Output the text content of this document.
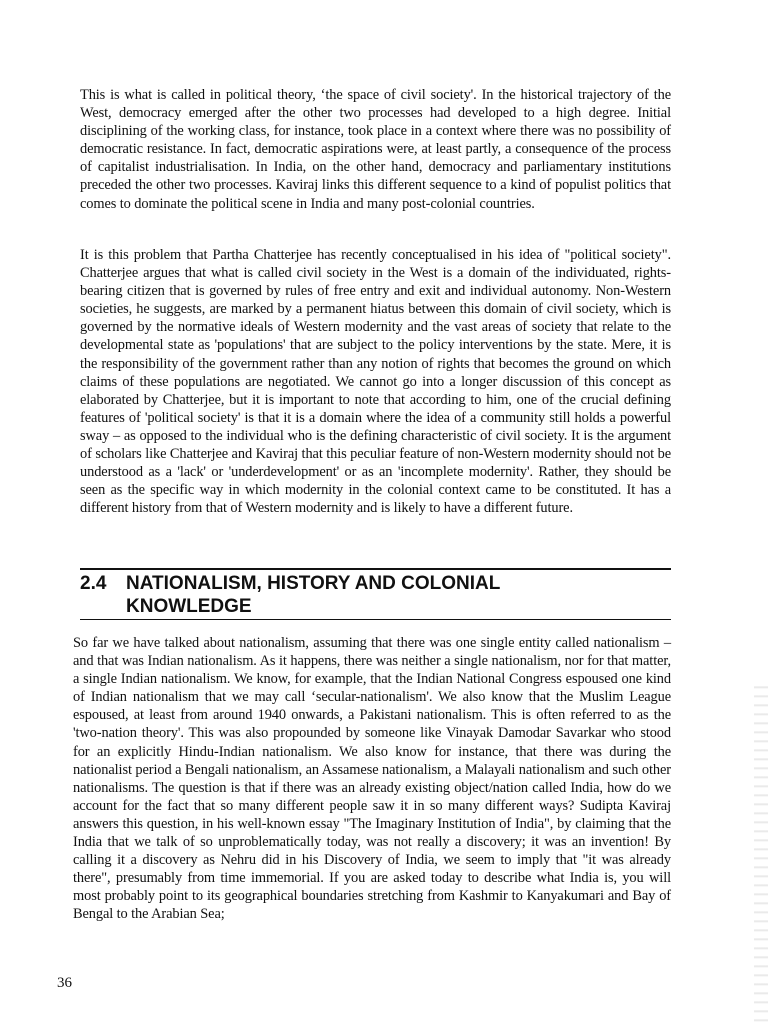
This is what is called in political theory, ‘the space of civil society'. In the historical trajectory of the West, democracy emerged after the other two processes had developed to a high degree. Initial disciplining of the working class, for instance, took place in a context where there was no possibility of democratic resistance. In fact, democratic aspirations were, at least partly, a consequence of the process of capitalist industrialisation. In India, on the other hand, democracy and parliamentary institutions preceded the other two processes. Kaviraj links this different sequence to a kind of populist politics that comes to dominate the political scene in India and many post-colonial countries.

It is this problem that Partha Chatterjee has recently conceptualised in his idea of "political society". Chatterjee argues that what is called civil society in the West is a domain of the individuated, rights-bearing citizen that is governed by rules of free entry and exit and individual autonomy. Non-Western societies, he suggests, are marked by a permanent hiatus between this domain of civil society, which is governed by the normative ideals of Western modernity and the vast areas of society that relate to the developmental state as 'populations' that are subject to the policy interventions by the state. Mere, it is the responsibility of the government rather than any notion of rights that becomes the ground on which claims of these populations are negotiated. We cannot go into a longer discussion of this concept as elaborated by Chatterjee, but it is important to note that according to him, one of the crucial defining features of 'political society' is that it is a domain where the idea of a community still holds a powerful sway – as opposed to the individual who is the defining characteristic of civil society. It is the argument of scholars like Chatterjee and Kaviraj that this peculiar feature of non-Western modernity should not be understood as a 'lack' or 'underdevelopment' or as an 'incomplete modernity'. Rather, they should be seen as the specific way in which modernity in the colonial context came to be constituted. It has a different history from that of Western modernity and is likely to have a different future.

2.4 NATIONALISM, HISTORY AND COLONIAL
KNOWLEDGE

So far we have talked about nationalism, assuming that there was one single entity called nationalism – and that was Indian nationalism. As it happens, there was neither a single nationalism, nor for that matter, a single Indian nationalism. We know, for example, that the Indian National Congress espoused one kind of Indian nationalism that we may call ‘secular-nationalism'. We also know that the Muslim League espoused, at least from around 1940 onwards, a Pakistani nationalism. This is often referred to as the 'two-nation theory'. This was also propounded by someone like Vinayak Damodar Savarkar who stood for an explicitly Hindu-Indian nationalism. We also know for instance, that there was during the nationalist period a Bengali nationalism, an Assamese nationalism, a Malayali nationalism and such other nationalisms. The question is that if there was an already existing object/nation called India, how do we account for the fact that so many different people saw it in so many different ways? Sudipta Kaviraj answers this question, in his well-known essay "The Imaginary Institution of India", by claiming that the India that we talk of so unproblematically today, was not really a discovery; it was an invention! By calling it a discovery as Nehru did in his Discovery of India, we seem to imply that "it was already there", presumably from time immemorial. If you are asked today to describe what India is, you will most probably point to its geographical boundaries stretching from Kashmir to Kanyakumari and Bay of Bengal to the Arabian Sea;

36
